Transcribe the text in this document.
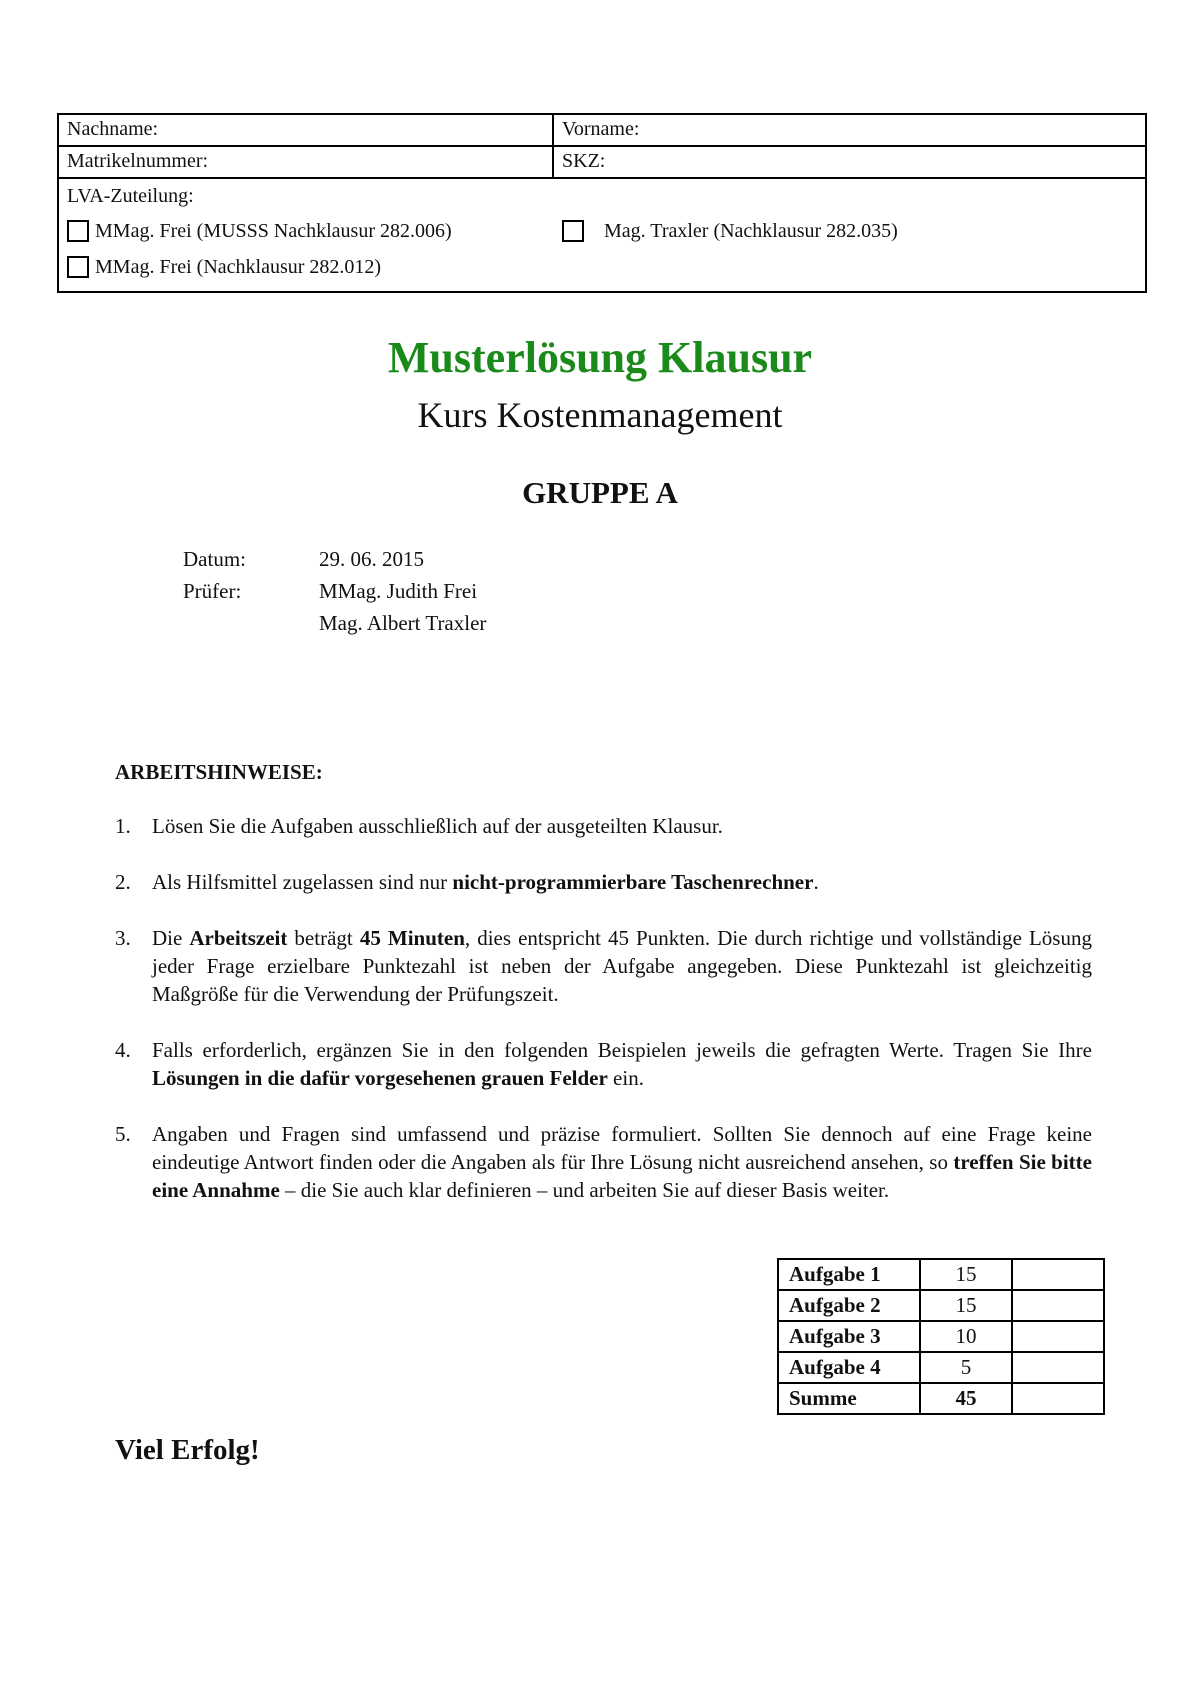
Nachname:	Vorname:
Matrikelnummer:	SKZ:
LVA-Zuteilung:
MMag. Frei (MUSSS Nachklausur 282.006)	Mag. Traxler (Nachklausur 282.035)
MMag. Frei (Nachklausur 282.012)
Musterlösung Klausur
Kurs Kostenmanagement
GRUPPE A
Datum:	29. 06. 2015
Prüfer:	MMag. Judith Frei
Mag. Albert Traxler
ARBEITSHINWEISE:
1.	Lösen Sie die Aufgaben ausschließlich auf der ausgeteilten Klausur.
2.	Als Hilfsmittel zugelassen sind nur nicht-programmierbare Taschenrechner.
3.	Die Arbeitszeit beträgt 45 Minuten, dies entspricht 45 Punkten. Die durch richtige und vollständige Lösung jeder Frage erzielbare Punktezahl ist neben der Aufgabe angegeben. Diese Punktezahl ist gleichzeitig Maßgröße für die Verwendung der Prüfungszeit.
4.	Falls erforderlich, ergänzen Sie in den folgenden Beispielen jeweils die gefragten Werte. Tragen Sie Ihre Lösungen in die dafür vorgesehenen grauen Felder ein.
5.	Angaben und Fragen sind umfassend und präzise formuliert. Sollten Sie dennoch auf eine Frage keine eindeutige Antwort finden oder die Angaben als für Ihre Lösung nicht ausreichend ansehen, so treffen Sie bitte eine Annahme – die Sie auch klar definieren – und arbeiten Sie auf dieser Basis weiter.
Aufgabe 1	15	
Aufgabe 2	15	
Aufgabe 3	10	
Aufgabe 4	5	
Summe	45	
Viel Erfolg!
